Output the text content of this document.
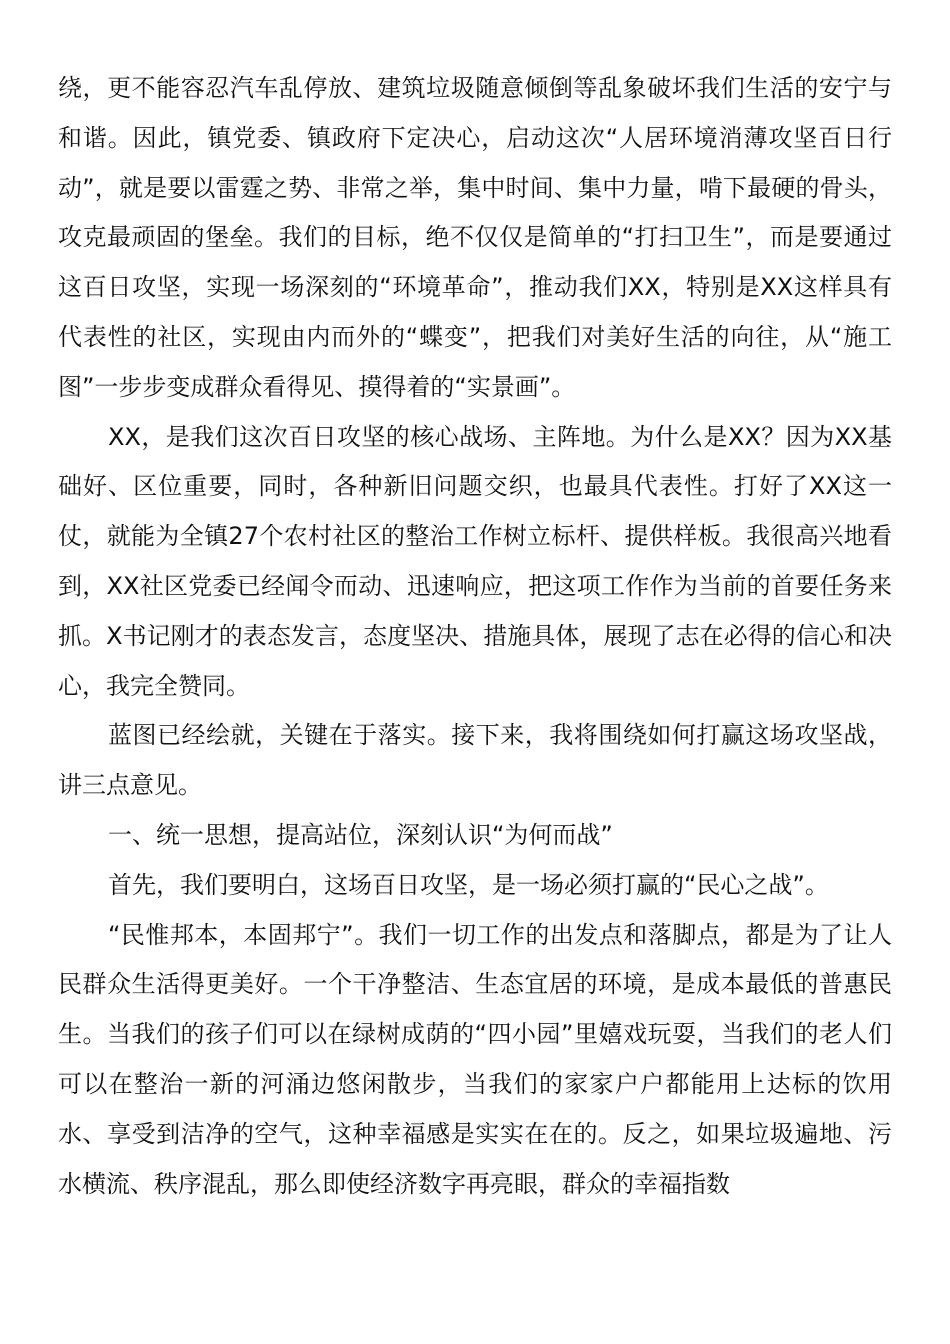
绕，更不能容忍汽车乱停放、建筑垃圾随意倾倒等乱象破坏我们生活的安宁与和谐。因此，镇党委、镇政府下定决心，启动这次“人居环境消薄攻坚百日行动”，就是要以雷霆之势、非常之举，集中时间、集中力量，啃下最硬的骨头，攻克最顽固的堡垒。我们的目标，绝不仅仅是简单的“打扫卫生”，而是要通过这百日攻坚，实现一场深刻的“环境革命”，推动我们XX，特别是XX这样具有代表性的社区，实现由内而外的“蝶变”，把我们对美好生活的向往，从“施工图”一步步变成群众看得见、摸得着的“实景画”。

XX，是我们这次百日攻坚的核心战场、主阵地。为什么是XX？因为XX基础好、区位重要，同时，各种新旧问题交织，也最具代表性。打好了XX这一仗，就能为全镇27个农村社区的整治工作树立标杆、提供样板。我很高兴地看到，XX社区党委已经闻令而动、迅速响应，把这项工作作为当前的首要任务来抓。X书记刚才的表态发言，态度坚决、措施具体，展现了志在必得的信心和决心，我完全赞同。

蓝图已经绘就，关键在于落实。接下来，我将围绕如何打赢这场攻坚战，讲三点意见。

一、统一思想，提高站位，深刻认识“为何而战”

首先，我们要明白，这场百日攻坚，是一场必须打赢的“民心之战”。

“民惟邦本，本固邦宁”。我们一切工作的出发点和落脚点，都是为了让人民群众生活得更美好。一个干净整洁、生态宜居的环境，是成本最低的普惠民生。当我们的孩子们可以在绿树成荫的“四小园”里嬉戏玩耍，当我们的老人们可以在整治一新的河涌边悠闲散步，当我们的家家户户都能用上达标的饮用水、享受到洁净的空气，这种幸福感是实实在在的。反之，如果垃圾遍地、污水横流、秩序混乱，那么即使经济数字再亮眼，群众的幸福指数
